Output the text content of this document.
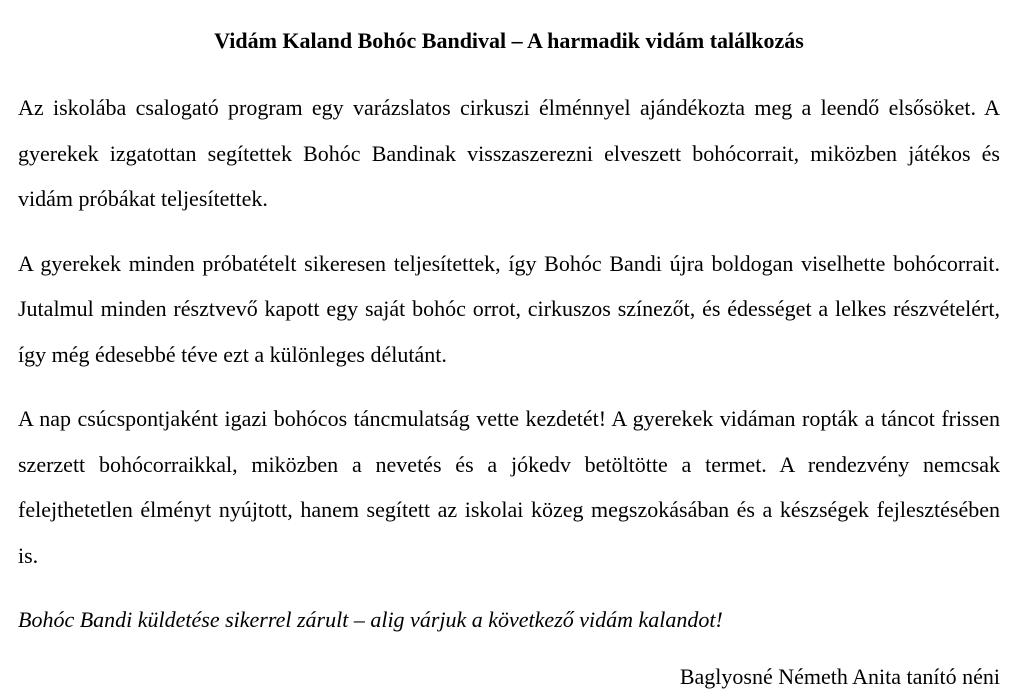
Vidám Kaland Bohóc Bandival – A harmadik vidám találkozás

Az iskolába csalogató program egy varázslatos cirkuszi élménnyel ajándékozta meg a leendő elsősöket. A gyerekek izgatottan segítettek Bohóc Bandinak visszaszerezni elveszett bohócorrait, miközben játékos és vidám próbákat teljesítettek.

A gyerekek minden próbatételt sikeresen teljesítettek, így Bohóc Bandi újra boldogan viselhette bohócorrait. Jutalmul minden résztvevő kapott egy saját bohóc orrot, cirkuszos színezőt, és édességet a lelkes részvételért, így még édesebbé téve ezt a különleges délutánt.

A nap csúcspontjaként igazi bohócos táncmulatság vette kezdetét! A gyerekek vidáman ropták a táncot frissen szerzett bohócorraikkal, miközben a nevetés és a jókedv betöltötte a termet. A rendezvény nemcsak felejthetetlen élményt nyújtott, hanem segített az iskolai közeg megszokásában és a készségek fejlesztésében is.

Bohóc Bandi küldetése sikerrel zárult – alig várjuk a következő vidám kalandot!

Baglyosné Németh Anita tanító néni
